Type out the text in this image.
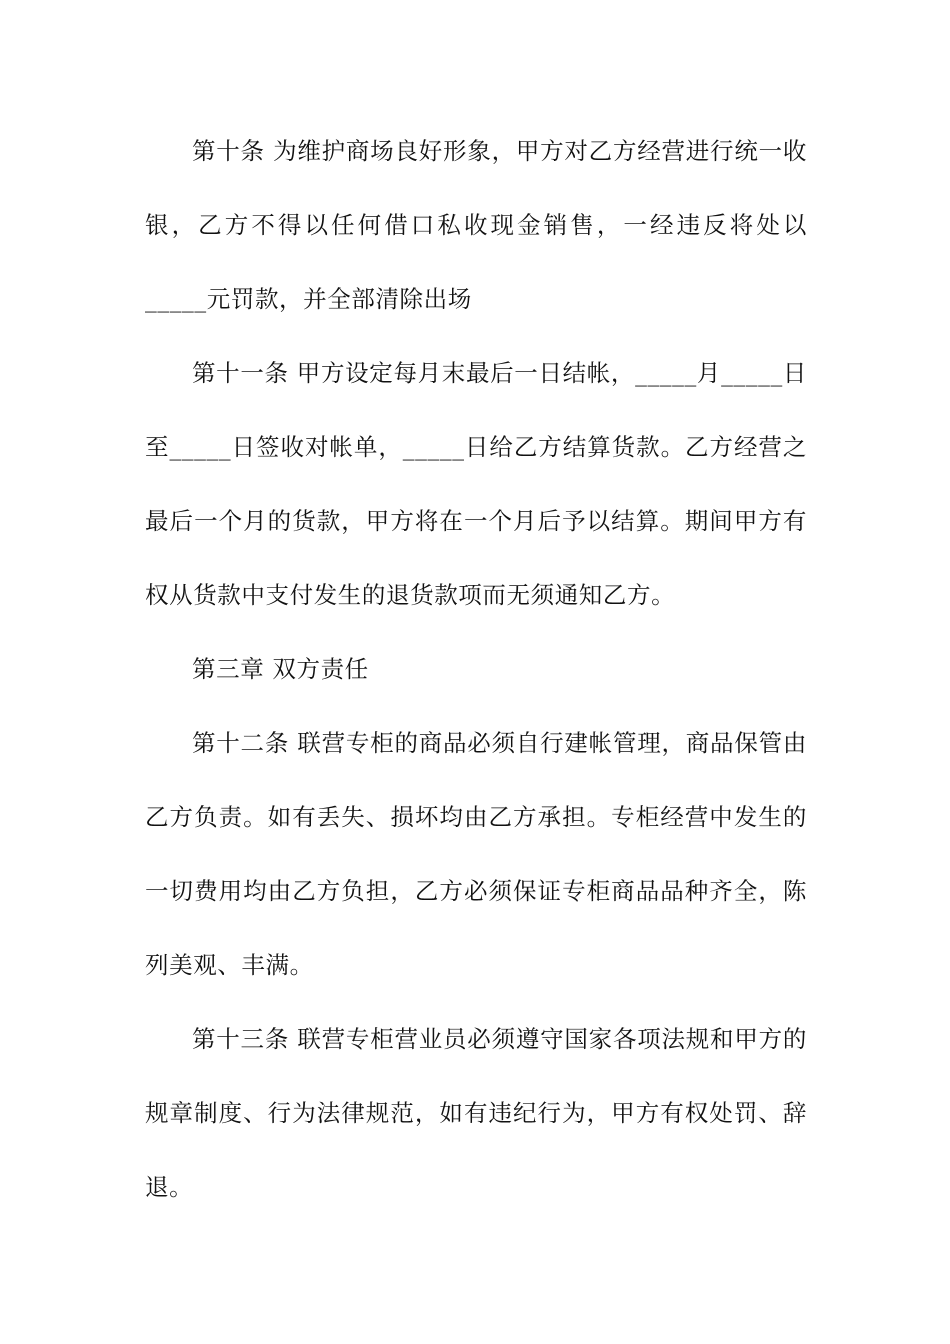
第十条 为维护商场良好形象，甲方对乙方经营进行统一收银，乙方不得以任何借口私收现金销售，一经违反将处以_____元罚款，并全部清除出场

第十一条 甲方设定每月末最后一日结帐，_____月_____日至_____日签收对帐单，_____日给乙方结算货款。乙方经营之最后一个月的货款，甲方将在一个月后予以结算。期间甲方有权从货款中支付发生的退货款项而无须通知乙方。

第三章 双方责任

第十二条 联营专柜的商品必须自行建帐管理，商品保管由乙方负责。如有丢失、损坏均由乙方承担。专柜经营中发生的一切费用均由乙方负担，乙方必须保证专柜商品品种齐全，陈列美观、丰满。

第十三条 联营专柜营业员必须遵守国家各项法规和甲方的规章制度、行为法律规范，如有违纪行为，甲方有权处罚、辞退。
